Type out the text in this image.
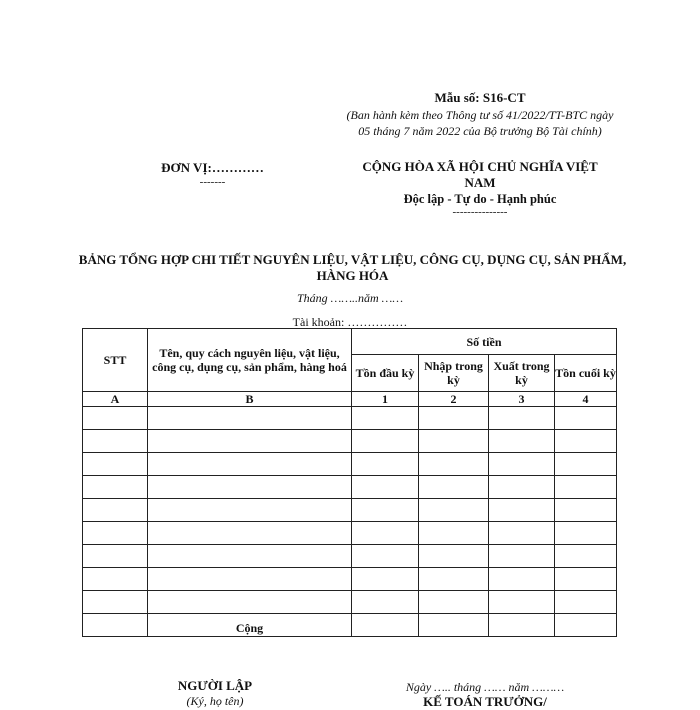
Mẫu số: S16-CT
(Ban hành kèm theo Thông tư số 41/2022/TT-BTC ngày 05 tháng 7 năm 2022 của Bộ trưởng Bộ Tài chính)
ĐƠN VỊ:…………
-------
CỘNG HÒA XÃ HỘI CHỦ NGHĨA VIỆT NAM
Độc lập - Tự do - Hạnh phúc
---------------
BẢNG TỔNG HỢP CHI TIẾT NGUYÊN LIỆU, VẬT LIỆU, CÔNG CỤ, DỤNG CỤ, SẢN PHẨM, HÀNG HÓA
Tháng ……..năm ……
Tài khoản: ……………
STT	Tên, quy cách nguyên liệu, vật liệu, công cụ, dụng cụ, sản phẩm, hàng hoá	Số tiền			
		Tồn đầu kỳ	Nhập trong kỳ	Xuất trong kỳ	Tồn cuối kỳ
A	B	1	2	3	4

	Cộng				
NGƯỜI LẬP
(Ký, họ tên)
Ngày ….. tháng …… năm ………
KẾ TOÁN TRƯỞNG/
